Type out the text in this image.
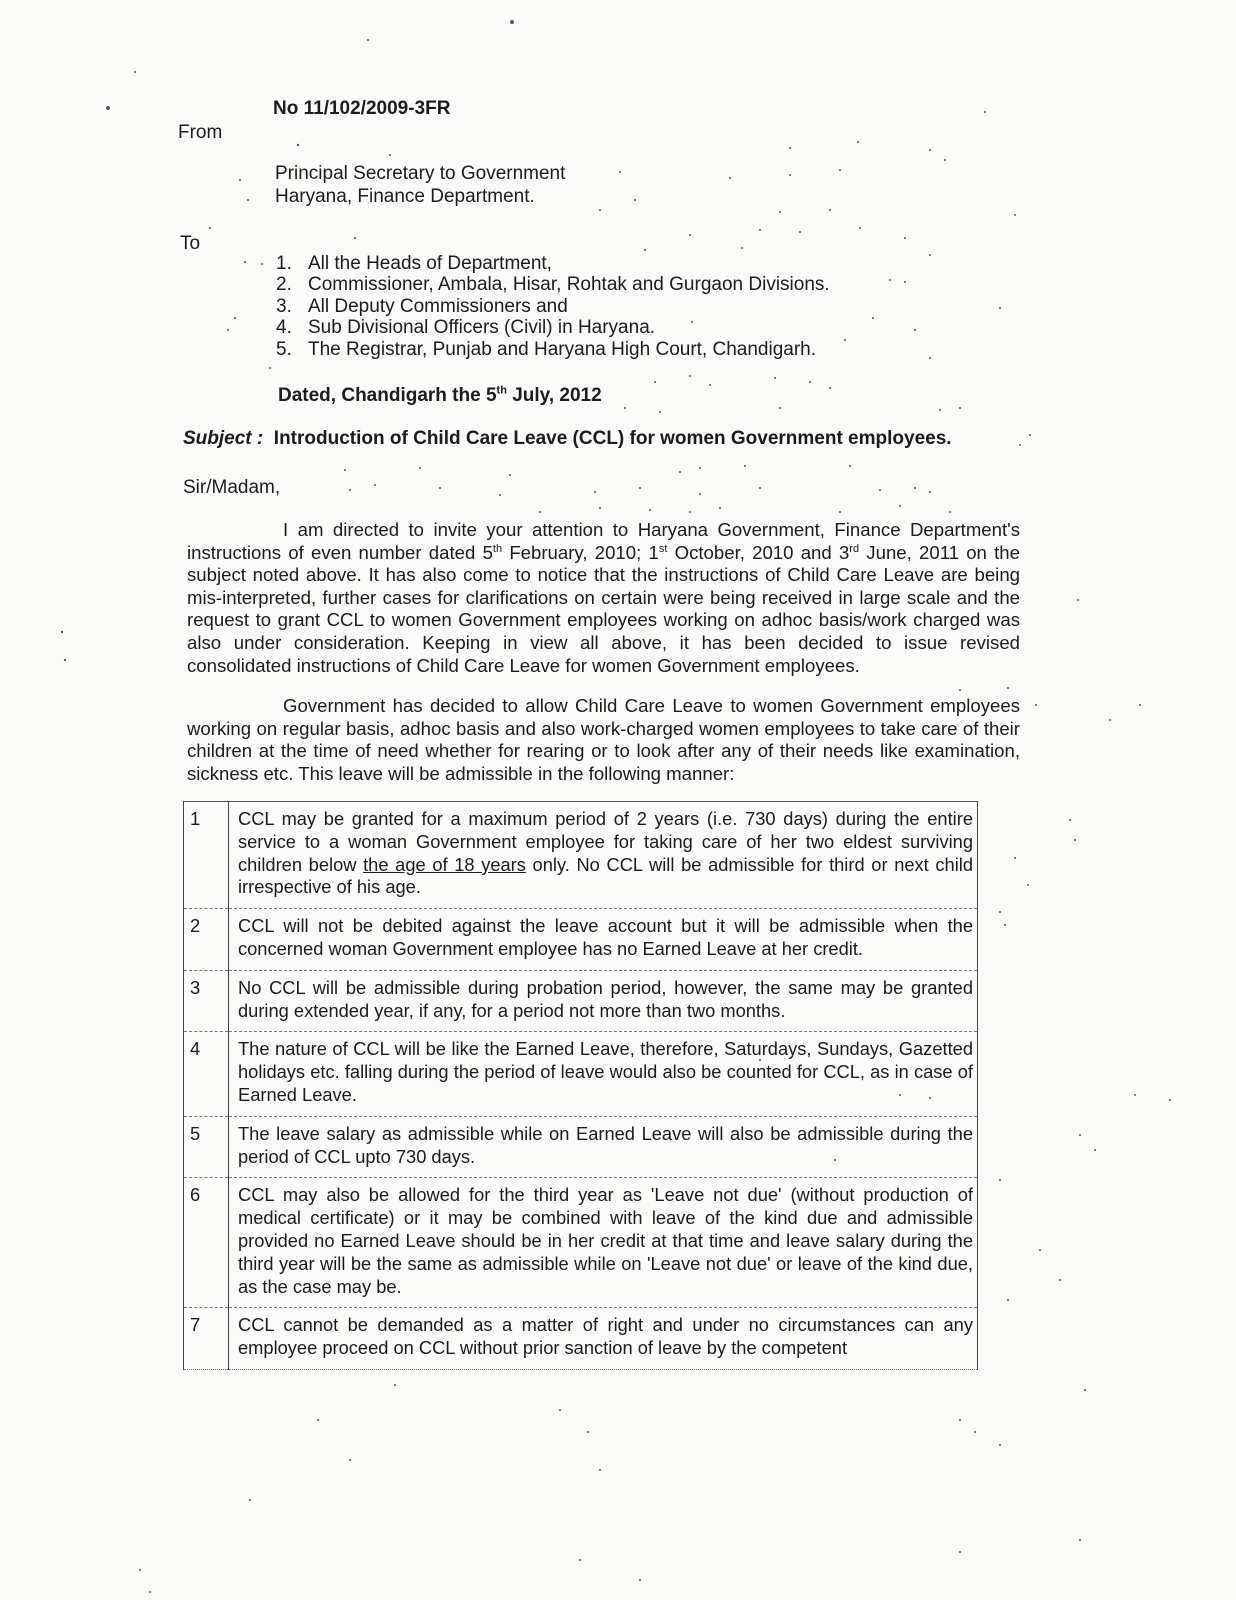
No 11/102/2009-3FR
From
Principal Secretary to Government
Haryana, Finance Department.
To
1. All the Heads of Department,
2. Commissioner, Ambala, Hisar, Rohtak and Gurgaon Divisions.
3. All Deputy Commissioners and
4. Sub Divisional Officers (Civil) in Haryana.
5. The Registrar, Punjab and Haryana High Court, Chandigarh.
Dated, Chandigarh the 5th July, 2012
Subject : Introduction of Child Care Leave (CCL) for women Government employees.
Sir/Madam,
I am directed to invite your attention to Haryana Government, Finance Department's instructions of even number dated 5th February, 2010; 1st October, 2010 and 3rd June, 2011 on the subject noted above. It has also come to notice that the instructions of Child Care Leave are being mis-interpreted, further cases for clarifications on certain were being received in large scale and the request to grant CCL to women Government employees working on adhoc basis/work charged was also under consideration. Keeping in view all above, it has been decided to issue revised consolidated instructions of Child Care Leave for women Government employees.
Government has decided to allow Child Care Leave to women Government employees working on regular basis, adhoc basis and also work-charged women employees to take care of their children at the time of need whether for rearing or to look after any of their needs like examination, sickness etc. This leave will be admissible in the following manner:
1	CCL may be granted for a maximum period of 2 years (i.e. 730 days) during the entire service to a woman Government employee for taking care of her two eldest surviving children below the age of 18 years only. No CCL will be admissible for third or next child irrespective of his age.
2	CCL will not be debited against the leave account but it will be admissible when the concerned woman Government employee has no Earned Leave at her credit.
3	No CCL will be admissible during probation period, however, the same may be granted during extended year, if any, for a period not more than two months.
4	The nature of CCL will be like the Earned Leave, therefore, Saturdays, Sundays, Gazetted holidays etc. falling during the period of leave would also be counted for CCL, as in case of Earned Leave.
5	The leave salary as admissible while on Earned Leave will also be admissible during the period of CCL upto 730 days.
6	CCL may also be allowed for the third year as 'Leave not due' (without production of medical certificate) or it may be combined with leave of the kind due and admissible provided no Earned Leave should be in her credit at that time and leave salary during the third year will be the same as admissible while on 'Leave not due' or leave of the kind due, as the case may be.
7	CCL cannot be demanded as a matter of right and under no circumstances can any employee proceed on CCL without prior sanction of leave by the competent
